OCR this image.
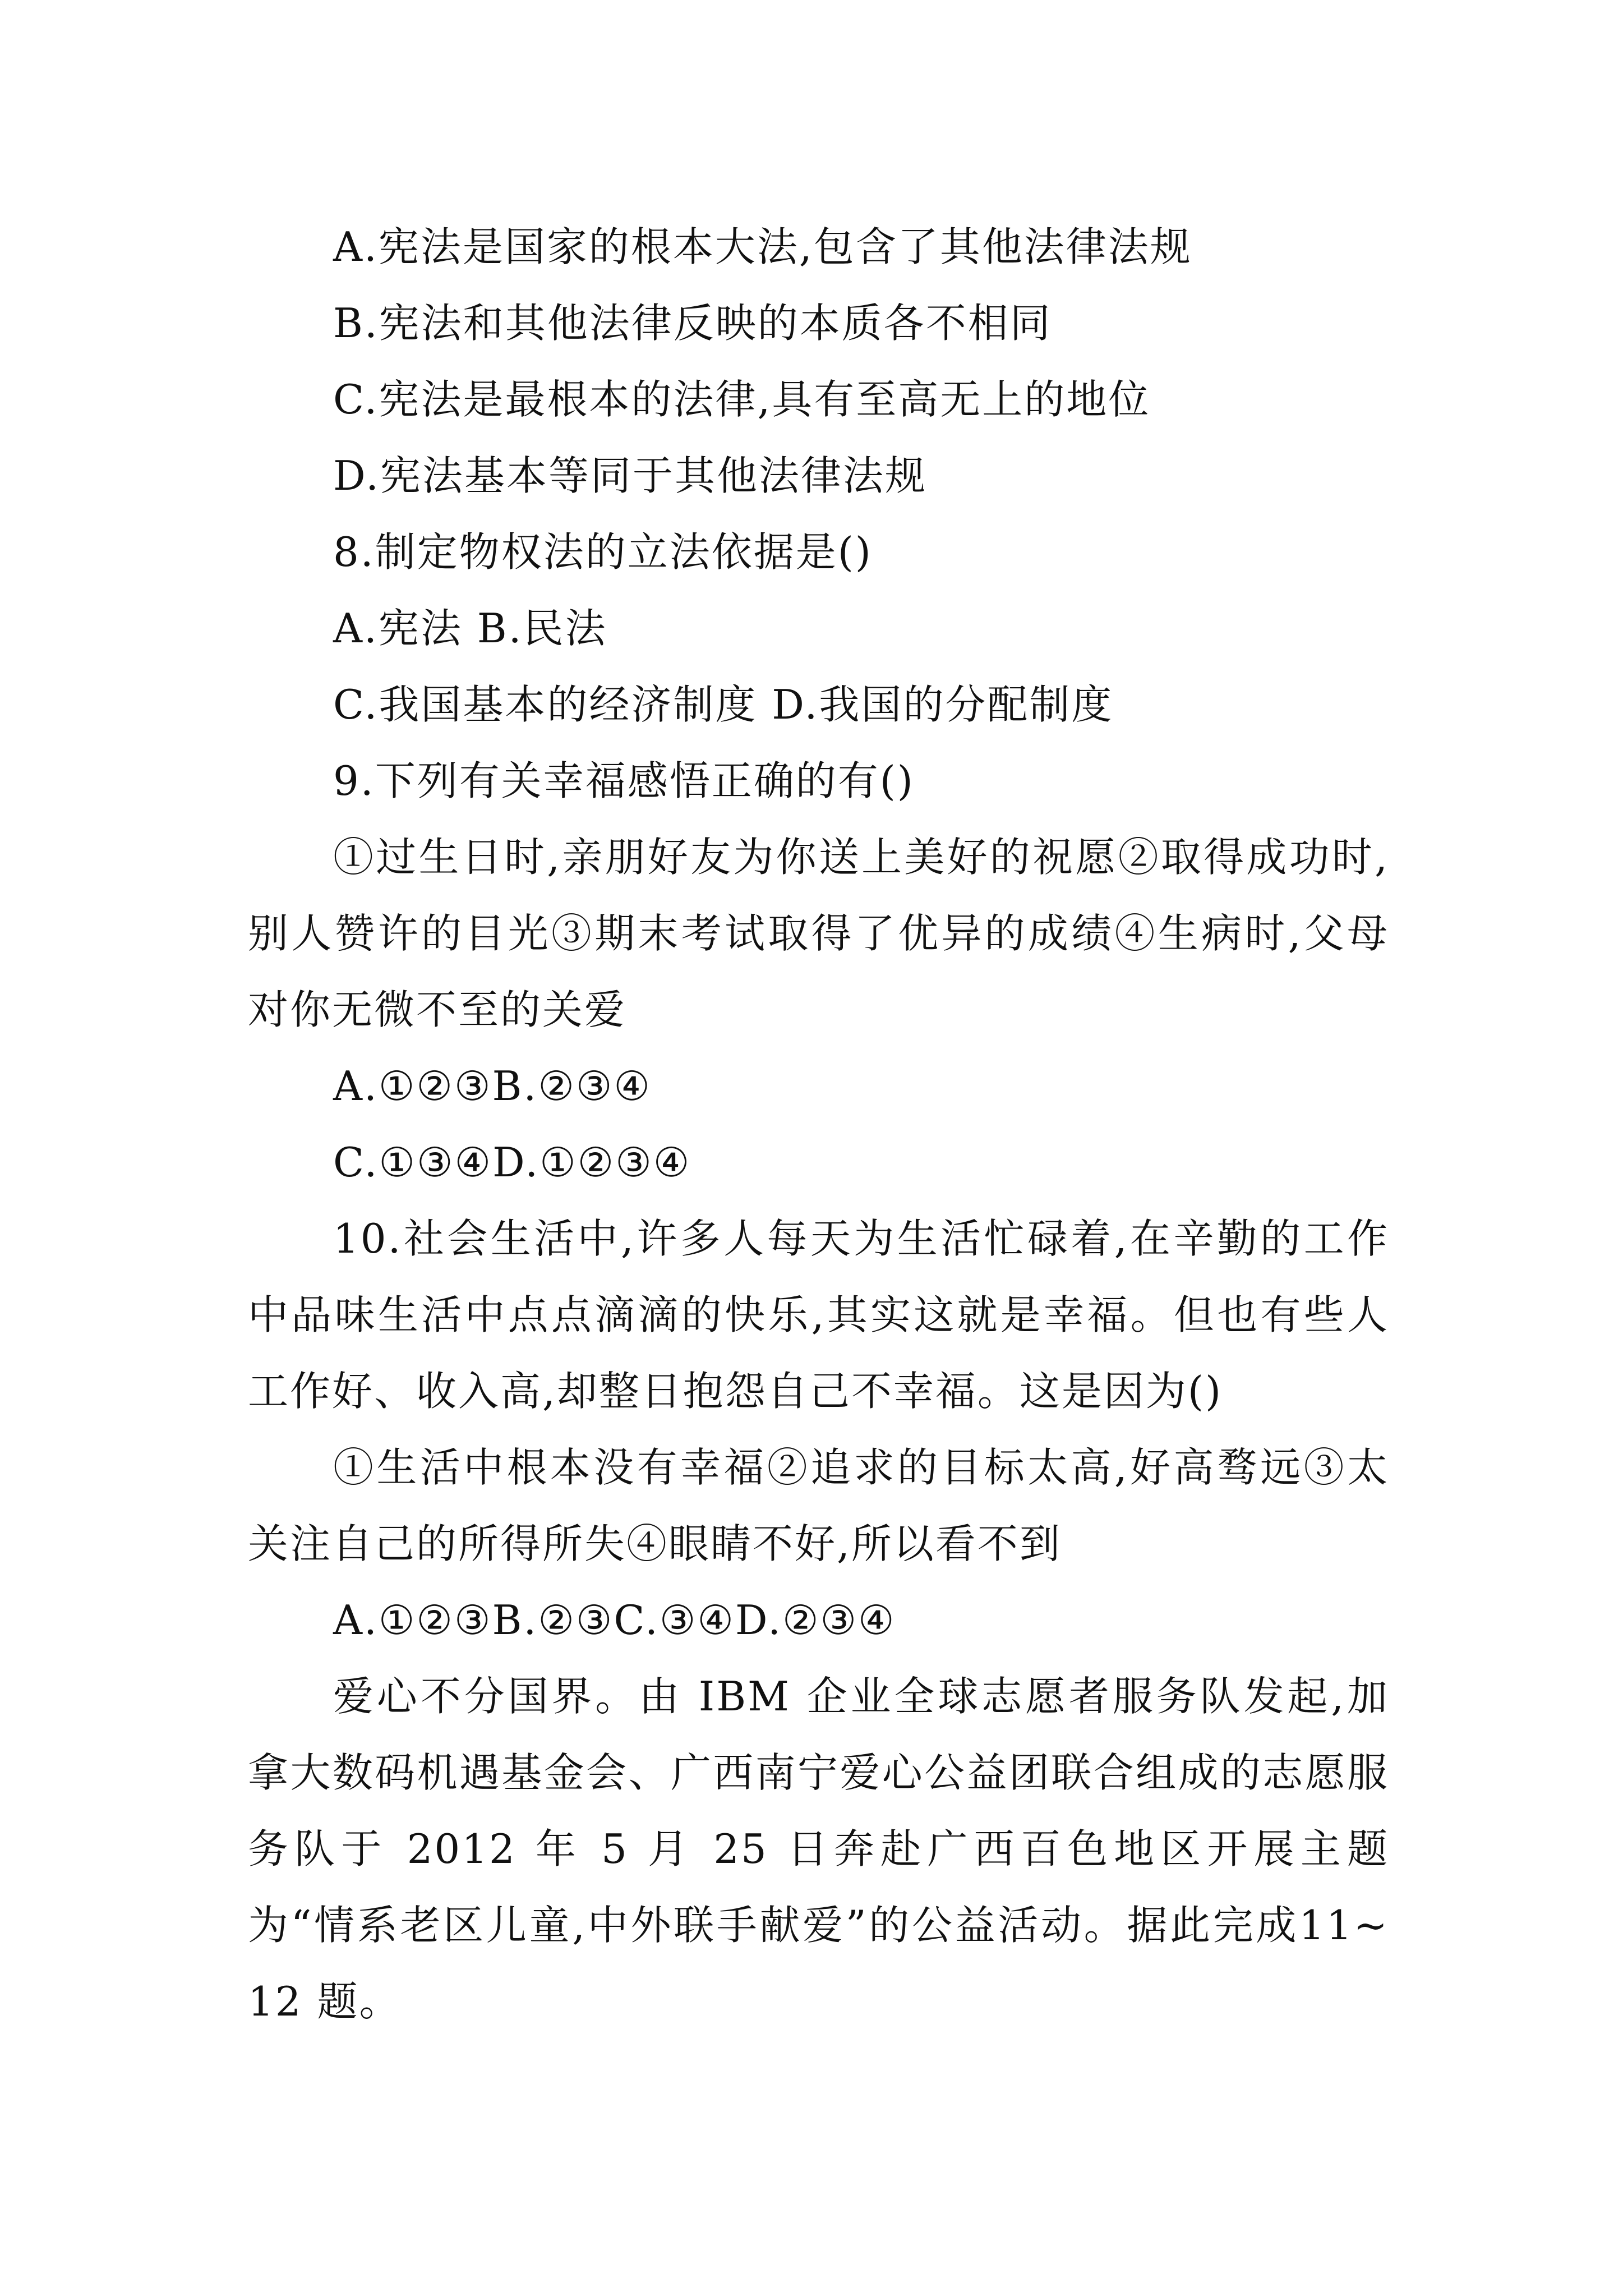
A.宪法是国家的根本大法,包含了其他法律法规
B.宪法和其他法律反映的本质各不相同
C.宪法是最根本的法律,具有至高无上的地位
D.宪法基本等同于其他法律法规
8.制定物权法的立法依据是()
A.宪法 B.民法
C.我国基本的经济制度 D.我国的分配制度
9.下列有关幸福感悟正确的有()
①过生日时,亲朋好友为你送上美好的祝愿②取得成功时,别人赞许的目光③期末考试取得了优异的成绩④生病时,父母对你无微不至的关爱
A.①②③B.②③④
C.①③④D.①②③④
10.社会生活中,许多人每天为生活忙碌着,在辛勤的工作中品味生活中点点滴滴的快乐,其实这就是幸福。但也有些人工作好、收入高,却整日抱怨自己不幸福。这是因为()
①生活中根本没有幸福②追求的目标太高,好高骛远③太关注自己的所得所失④眼睛不好,所以看不到
A.①②③B.②③C.③④D.②③④
爱心不分国界。由 IBM 企业全球志愿者服务队发起,加拿大数码机遇基金会、广西南宁爱心公益团联合组成的志愿服务队于 2012 年 5 月 25 日奔赴广西百色地区开展主题为“情系老区儿童,中外联手献爱”的公益活动。据此完成11~12 题。
